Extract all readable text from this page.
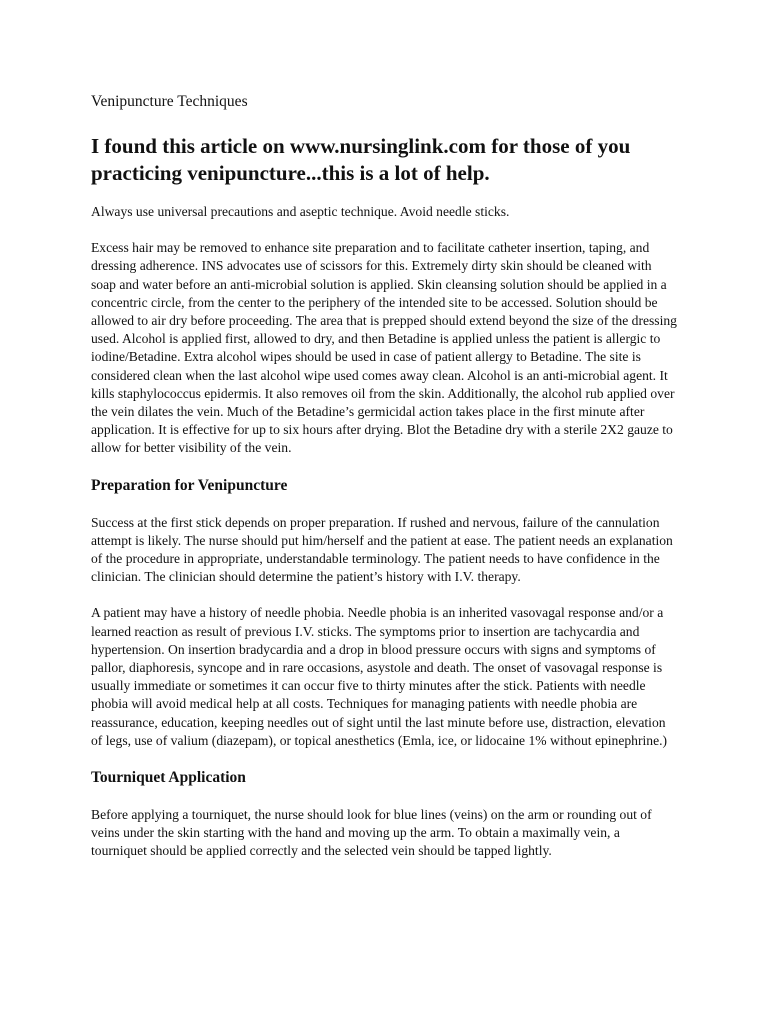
Venipuncture Techniques
I found this article on www.nursinglink.com for those of you practicing venipuncture...this is a lot of help.

Always use universal precautions and aseptic technique. Avoid needle sticks.

Excess hair may be removed to enhance site preparation and to facilitate catheter insertion, taping, and dressing adherence. INS advocates use of scissors for this. Extremely dirty skin should be cleaned with soap and water before an anti-microbial solution is applied. Skin cleansing solution should be applied in a concentric circle, from the center to the periphery of the intended site to be accessed. Solution should be allowed to air dry before proceeding. The area that is prepped should extend beyond the size of the dressing used. Alcohol is applied first, allowed to dry, and then Betadine is applied unless the patient is allergic to iodine/Betadine. Extra alcohol wipes should be used in case of patient allergy to Betadine. The site is considered clean when the last alcohol wipe used comes away clean. Alcohol is an anti-microbial agent. It kills staphylococcus epidermis. It also removes oil from the skin. Additionally, the alcohol rub applied over the vein dilates the vein. Much of the Betadine’s germicidal action takes place in the first minute after application. It is effective for up to six hours after drying. Blot the Betadine dry with a sterile 2X2 gauze to allow for better visibility of the vein.

Preparation for Venipuncture

Success at the first stick depends on proper preparation. If rushed and nervous, failure of the cannulation attempt is likely. The nurse should put him/herself and the patient at ease. The patient needs an explanation of the procedure in appropriate, understandable terminology. The patient needs to have confidence in the clinician. The clinician should determine the patient’s history with I.V. therapy.

A patient may have a history of needle phobia. Needle phobia is an inherited vasovagal response and/or a learned reaction as result of previous I.V. sticks. The symptoms prior to insertion are tachycardia and hypertension. On insertion bradycardia and a drop in blood pressure occurs with signs and symptoms of pallor, diaphoresis, syncope and in rare occasions, asystole and death. The onset of vasovagal response is usually immediate or sometimes it can occur five to thirty minutes after the stick. Patients with needle phobia will avoid medical help at all costs. Techniques for managing patients with needle phobia are reassurance, education, keeping needles out of sight until the last minute before use, distraction, elevation of legs, use of valium (diazepam), or topical anesthetics (Emla, ice, or lidocaine 1% without epinephrine.)

Tourniquet Application

Before applying a tourniquet, the nurse should look for blue lines (veins) on the arm or rounding out of veins under the skin starting with the hand and moving up the arm. To obtain a maximally vein, a tourniquet should be applied correctly and the selected vein should be tapped lightly.
